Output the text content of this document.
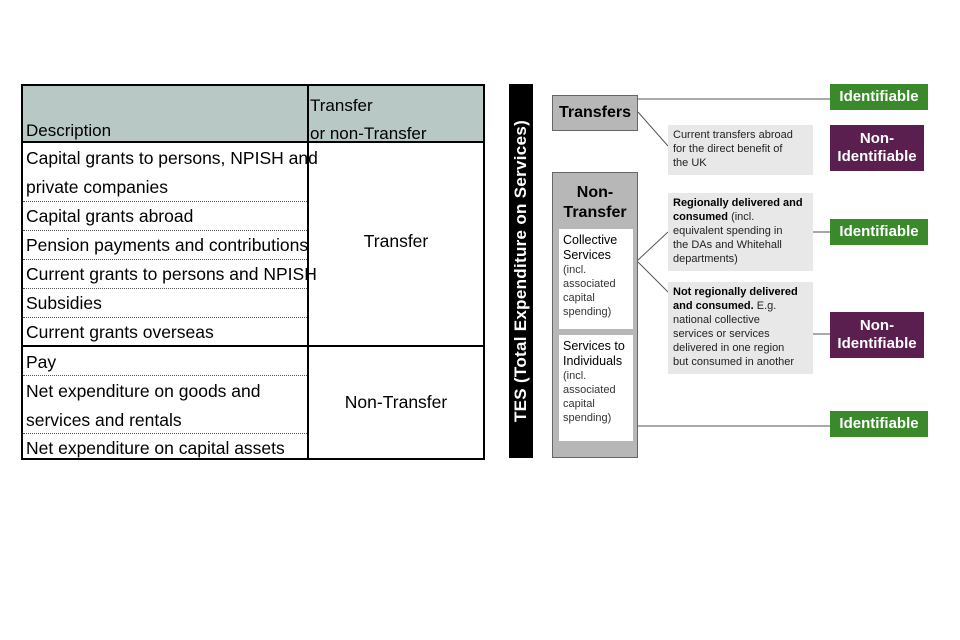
Description
Transfer
or non-Transfer
Capital grants to persons, NPISH and
private companies
Capital grants abroad
Pension payments and contributions
Current grants to persons and NPISH
Subsidies
Current grants overseas
Transfer
Pay
Net expenditure on goods and
services and rentals
Net expenditure on capital assets
Non-Transfer	TES (Total Expenditure on Services)
Transfers
Non-
Transfer
Collective
Services
(incl.
associated
capital
spending)
Services to
Individuals
(incl.
associated
capital
spending)
Current transfers abroad
for the direct benefit of
the UK
Regionally delivered and
consumed (incl.
equivalent spending in
the DAs and Whitehall
departments)
Not regionally delivered
and consumed. E.g.
national collective
services or services
delivered in one region
but consumed in another
Identifiable
Non-
Identifiable
Identifiable
Non-
Identifiable
Identifiable
